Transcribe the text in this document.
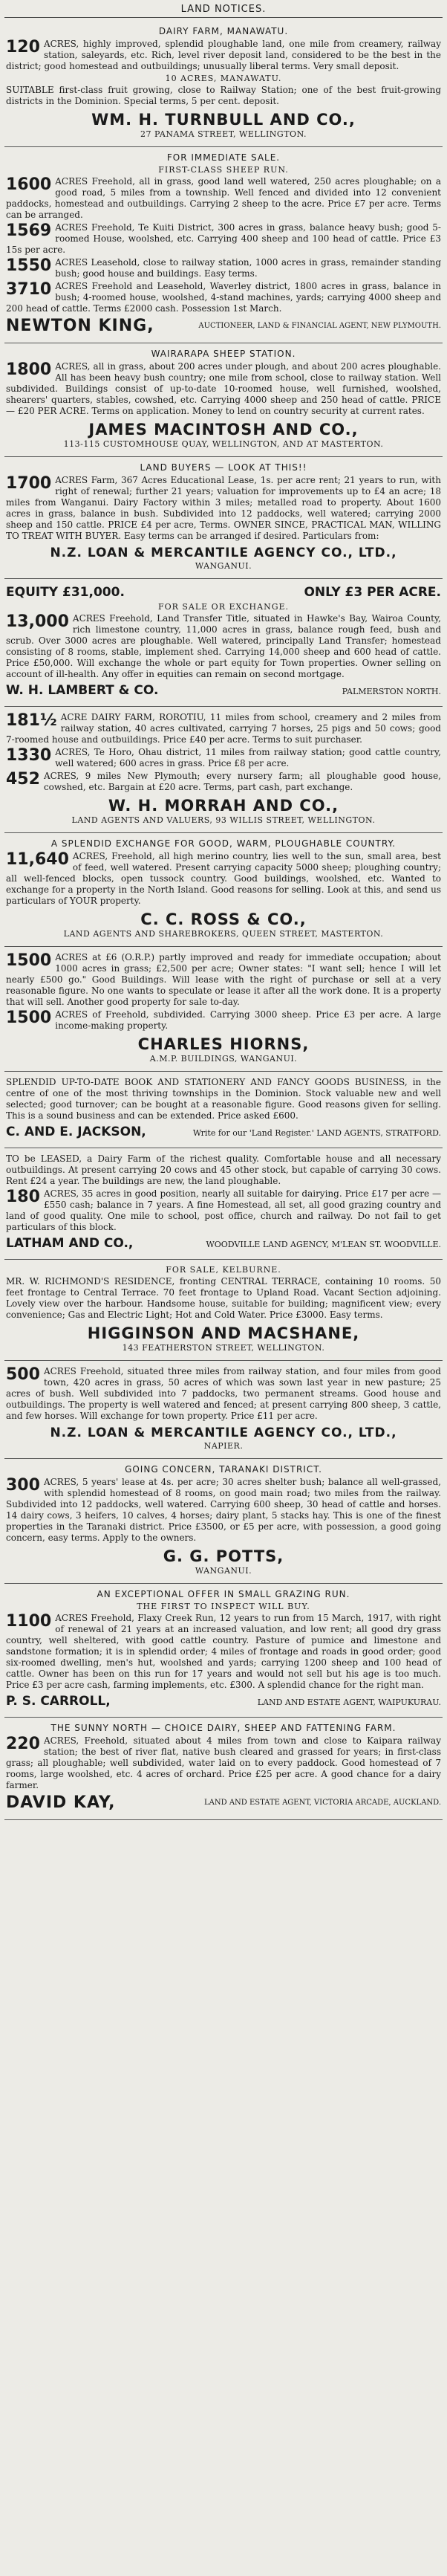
LAND NOTICES.
DAIRY FARM, MANAWATU.
120 ACRES, highly improved, splendid ploughable land, one mile from creamery, railway station, saleyards, etc. Rich, level river deposit land, considered to be the best in the district; good homestead and outbuildings; unusually liberal terms. Very small deposit.
10 ACRES, MANAWATU.
SUITABLE first-class fruit growing, close to Railway Station; one of the best fruit-growing districts in the Dominion. Special terms, 5 per cent. deposit.
WM. H. TURNBULL AND CO.,
27 PANAMA STREET, WELLINGTON.
FOR IMMEDIATE SALE.
FIRST-CLASS SHEEP RUN.
1600 ACRES Freehold, all in grass, good land well watered, 250 acres ploughable; on a good road, 5 miles from a township. Well fenced and divided into 12 convenient paddocks, homestead and outbuildings. Carrying 2 sheep to the acre. Price £7 per acre. Terms can be arranged.
1569 ACRES Freehold, Te Kuiti District, 300 acres in grass, balance heavy bush; good 5-roomed House, woolshed, etc. Carrying 400 sheep and 100 head of cattle. Price £3 15s per acre.
1550 ACRES Leasehold, close to railway station, 1000 acres in grass, remainder standing bush; good house and buildings. Easy terms.
3710 ACRES Freehold and Leasehold, Waverley district, 1800 acres in grass, balance in bush; 4-roomed house, woolshed, 4-stand machines, yards; carrying 4000 sheep and 200 head of cattle. Terms £2000 cash. Possession 1st March.
NEWTON KING,	AUCTIONEER, LAND & FINANCIAL AGENT, NEW PLYMOUTH.
WAIRARAPA SHEEP STATION.
1800 ACRES, all in grass, about 200 acres under plough, and about 200 acres ploughable. All has been heavy bush country; one mile from school, close to railway station. Well subdivided. Buildings consist of up-to-date 10-roomed house, well furnished, woolshed, shearers' quarters, stables, cowshed, etc. Carrying 4000 sheep and 250 head of cattle. PRICE — £20 PER ACRE. Terms on application. Money to lend on country security at current rates.
JAMES MACINTOSH AND CO.,
113-115 CUSTOMHOUSE QUAY, WELLINGTON, AND AT MASTERTON.
LAND BUYERS — LOOK AT THIS!!
1700 ACRES Farm, 367 Acres Educational Lease, 1s. per acre rent; 21 years to run, with right of renewal; further 21 years; valuation for improvements up to £4 an acre; 18 miles from Wanganui. Dairy Factory within 3 miles; metalled road to property. About 1600 acres in grass, balance in bush. Subdivided into 12 paddocks, well watered; carrying 2000 sheep and 150 cattle. PRICE £4 per acre, Terms. OWNER SINCE, PRACTICAL MAN, WILLING TO TREAT WITH BUYER. Easy terms can be arranged if desired. Particulars from:
N.Z. LOAN & MERCANTILE AGENCY CO., LTD.,
WANGANUI.
EQUITY £31,000.	ONLY £3 PER ACRE.
FOR SALE OR EXCHANGE.
13,000 ACRES Freehold, Land Transfer Title, situated in Hawke's Bay, Wairoa County, rich limestone country, 11,000 acres in grass, balance rough feed, bush and scrub. Over 3000 acres are ploughable. Well watered, principally Land Transfer; homestead consisting of 8 rooms, stable, implement shed. Carrying 14,000 sheep and 600 head of cattle. Price £50,000. Will exchange the whole or part equity for Town properties. Owner selling on account of ill-health. Any offer in equities can remain on second mortgage.
W. H. LAMBERT & CO.	PALMERSTON NORTH.
181½ ACRE DAIRY FARM, ROROTIU, 11 miles from school, creamery and 2 miles from railway station, 40 acres cultivated, carrying 7 horses, 25 pigs and 50 cows; good 7-roomed house and outbuildings. Price £40 per acre. Terms to suit purchaser.
1330 ACRES, Te Horo, Ohau district, 11 miles from railway station; good cattle country, well watered; 600 acres in grass. Price £8 per acre.
452 ACRES, 9 miles New Plymouth; every nursery farm; all ploughable good house, cowshed, etc. Bargain at £20 acre. Terms, part cash, part exchange.
W. H. MORRAH AND CO.,
LAND AGENTS AND VALUERS, 93 WILLIS STREET, WELLINGTON.
A SPLENDID EXCHANGE FOR GOOD, WARM, PLOUGHABLE COUNTRY.
11,640 ACRES, Freehold, all high merino country, lies well to the sun, small area, best of feed, well watered. Present carrying capacity 5000 sheep; ploughing country; all well-fenced blocks, open tussock country. Good buildings, woolshed, etc. Wanted to exchange for a property in the North Island. Good reasons for selling. Look at this, and send us particulars of YOUR property.
C. C. ROSS & CO.,
LAND AGENTS AND SHAREBROKERS, QUEEN STREET, MASTERTON.
1500 ACRES at £6 (O.R.P.) partly improved and ready for immediate occupation; about 1000 acres in grass; £2,500 per acre; Owner states: "I want sell; hence I will let nearly £500 go." Good Buildings. Will lease with the right of purchase or sell at a very reasonable figure. No one wants to speculate or lease it after all the work done. It is a property that will sell. Another good property for sale to-day.
1500 ACRES of Freehold, subdivided. Carrying 3000 sheep. Price £3 per acre. A large income-making property.
CHARLES HIORNS,
A.M.P. BUILDINGS, WANGANUI.
SPLENDID UP-TO-DATE BOOK AND STATIONERY AND FANCY GOODS BUSINESS, in the centre of one of the most thriving townships in the Dominion. Stock valuable new and well selected; good turnover; can be bought at a reasonable figure. Good reasons given for selling. This is a sound business and can be extended. Price asked £600.
C. AND E. JACKSON,	Write for our 'Land Register.' LAND AGENTS, STRATFORD.
TO be LEASED, a Dairy Farm of the richest quality. Comfortable house and all necessary outbuildings. At present carrying 20 cows and 45 other stock, but capable of carrying 30 cows. Rent £24 a year. The buildings are new, the land ploughable.
180 ACRES, 35 acres in good position, nearly all suitable for dairying. Price £17 per acre — £550 cash; balance in 7 years. A fine Homestead, all set, all good grazing country and land of good quality. One mile to school, post office, church and railway. Do not fail to get particulars of this block.
LATHAM AND CO.,	WOODVILLE LAND AGENCY, M'LEAN ST. WOODVILLE.
FOR SALE, KELBURNE.
MR. W. RICHMOND'S RESIDENCE, fronting CENTRAL TERRACE, containing 10 rooms. 50 feet frontage to Central Terrace. 70 feet frontage to Upland Road. Vacant Section adjoining. Lovely view over the harbour. Handsome house, suitable for building; magnificent view; every convenience; Gas and Electric Light; Hot and Cold Water. Price £3000. Easy terms.
HIGGINSON AND MACSHANE,
143 FEATHERSTON STREET, WELLINGTON.
500 ACRES Freehold, situated three miles from railway station, and four miles from good town, 420 acres in grass, 50 acres of which was sown last year in new pasture; 25 acres of bush. Well subdivided into 7 paddocks, two permanent streams. Good house and outbuildings. The property is well watered and fenced; at present carrying 800 sheep, 3 cattle, and few horses. Will exchange for town property. Price £11 per acre.
N.Z. LOAN & MERCANTILE AGENCY CO., LTD.,
NAPIER.
GOING CONCERN, TARANAKI DISTRICT.
300 ACRES, 5 years' lease at 4s. per acre; 30 acres shelter bush; balance all well-grassed, with splendid homestead of 8 rooms, on good main road; two miles from the railway. Subdivided into 12 paddocks, well watered. Carrying 600 sheep, 30 head of cattle and horses. 14 dairy cows, 3 heifers, 10 calves, 4 horses; dairy plant, 5 stacks hay. This is one of the finest properties in the Taranaki district. Price £3500, or £5 per acre, with possession, a good going concern, easy terms. Apply to the owners.
G. G. POTTS,
WANGANUI.
AN EXCEPTIONAL OFFER IN SMALL GRAZING RUN.
THE FIRST TO INSPECT WILL BUY.
1100 ACRES Freehold, Flaxy Creek Run, 12 years to run from 15 March, 1917, with right of renewal of 21 years at an increased valuation, and low rent; all good dry grass country, well sheltered, with good cattle country. Pasture of pumice and limestone and sandstone formation; it is in splendid order; 4 miles of frontage and roads in good order; good six-roomed dwelling, men's hut, woolshed and yards; carrying 1200 sheep and 100 head of cattle. Owner has been on this run for 17 years and would not sell but his age is too much. Price £3 per acre cash, farming implements, etc. £300. A splendid chance for the right man.
P. S. CARROLL,	LAND AND ESTATE AGENT, WAIPUKURAU.
THE SUNNY NORTH — CHOICE DAIRY, SHEEP AND FATTENING FARM.
220 ACRES, Freehold, situated about 4 miles from town and close to Kaipara railway station; the best of river flat, native bush cleared and grassed for years; in first-class grass; all ploughable; well subdivided, water laid on to every paddock. Good homestead of 7 rooms, large woolshed, etc. 4 acres of orchard. Price £25 per acre. A good chance for a dairy farmer.
DAVID KAY,	LAND AND ESTATE AGENT, VICTORIA ARCADE, AUCKLAND.
